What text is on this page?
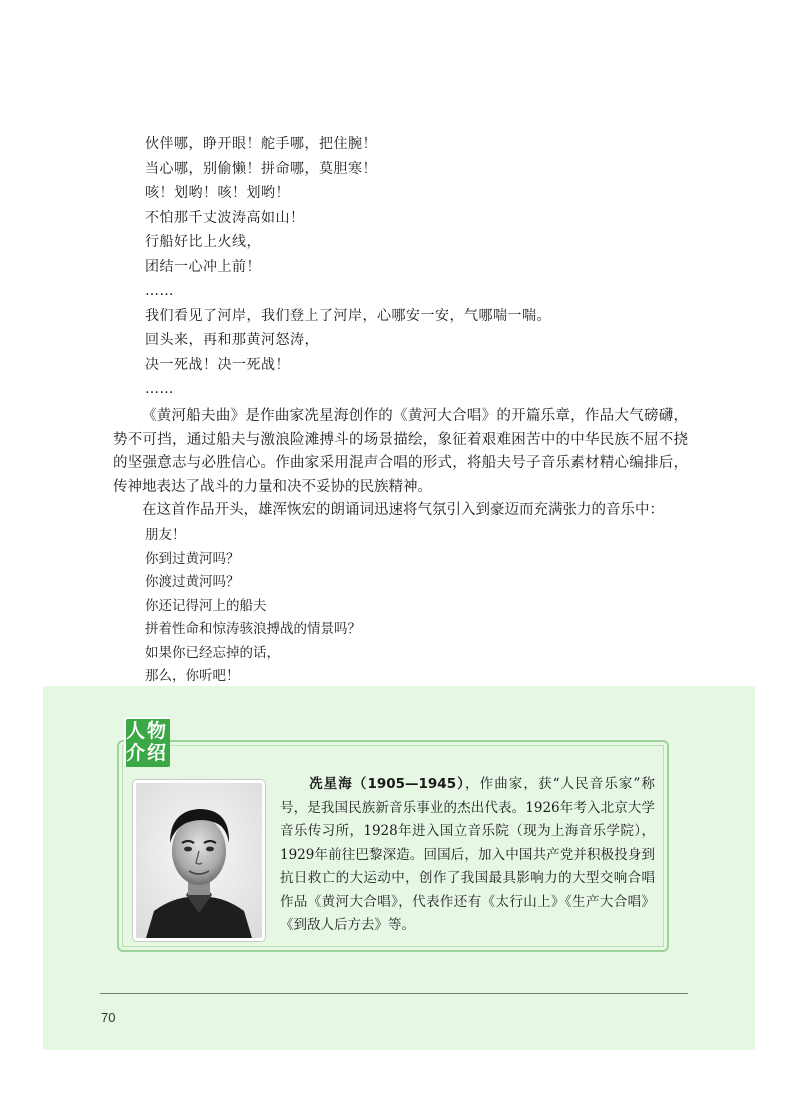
伙伴哪，睁开眼！舵手哪，把住腕！
当心哪，别偷懒！拼命哪，莫胆寒！
咳！划哟！咳！划哟！
不怕那千丈波涛高如山！
行船好比上火线，
团结一心冲上前！
……
我们看见了河岸，我们登上了河岸，心哪安一安，气哪喘一喘。
回头来，再和那黄河怒涛，
决一死战！决一死战！
……

《黄河船夫曲》是作曲家冼星海创作的《黄河大合唱》的开篇乐章，作品大气磅礴，势不可挡，通过船夫与激浪险滩搏斗的场景描绘，象征着艰难困苦中的中华民族不屈不挠的坚强意志与必胜信心。作曲家采用混声合唱的形式，将船夫号子音乐素材精心编排后，传神地表达了战斗的力量和决不妥协的民族精神。

在这首作品开头，雄浑恢宏的朗诵词迅速将气氛引入到豪迈而充满张力的音乐中：

朋友！
你到过黄河吗？
你渡过黄河吗？
你还记得河上的船夫
拼着性命和惊涛骇浪搏战的情景吗？
如果你已经忘掉的话，
那么，你听吧！
人物
介绍
冼星海（1905—1945），作曲家，获“人民音乐家”称号，是我国民族新音乐事业的杰出代表。1926年考入北京大学音乐传习所，1928年进入国立音乐院（现为上海音乐学院），1929年前往巴黎深造。回国后，加入中国共产党并积极投身到抗日救亡的大运动中，创作了我国最具影响力的大型交响合唱作品《黄河大合唱》，代表作还有《太行山上》《生产大合唱》《到敌人后方去》等。
70
